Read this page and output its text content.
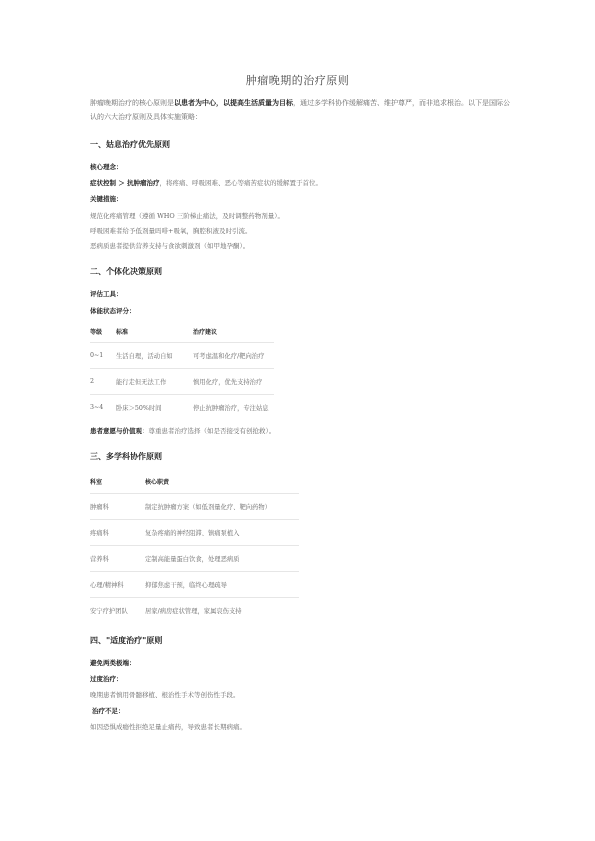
肿瘤晚期的治疗原则
肿瘤晚期治疗的核心原则是以患者为中心，以提高生活质量为目标，通过多学科协作缓解痛苦、维护尊严，而非追求根治。以下是国际公认的六大治疗原则及具体实施策略：
一、姑息治疗优先原则
核心理念：
症状控制 ＞ 抗肿瘤治疗，将疼痛、呼吸困难、恶心等痛苦症状的缓解置于首位。
关键措施：
规范化疼痛管理（遵循 WHO 三阶梯止痛法，及时调整药物剂量）。
呼吸困难者给予低剂量吗啡+吸氧，胸腔积液及时引流。
恶病质患者提供营养支持与食欲刺激剂（如甲地孕酮）。
二、个体化决策原则
评估工具：
体能状态评分：
等级	标准	治疗建议
0~1	生活自理，活动自如	可考虑温和化疗/靶向治疗
2	能行走但无法工作	慎用化疗，优先支持治疗
3~4	卧床＞50%时间	停止抗肿瘤治疗，专注姑息
患者意愿与价值观：尊重患者治疗选择（如是否接受有创抢救）。
三、多学科协作原则
科室	核心职责
肿瘤科	制定抗肿瘤方案（如低剂量化疗、靶向药物）
疼痛科	复杂疼痛的神经阻滞、镇痛泵植入
营养科	定制高能量蛋白饮食，处理恶病质
心理/精神科	抑郁焦虑干预，临终心理疏导
安宁疗护团队	居家/病房症状管理，家属哀伤支持
四、"适度治疗"原则
避免两类极端：
过度治疗：
晚期患者慎用骨髓移植、根治性手术等创伤性手段。
治疗不足：
如因恐惧成瘾性拒绝足量止痛药，导致患者长期病痛。
